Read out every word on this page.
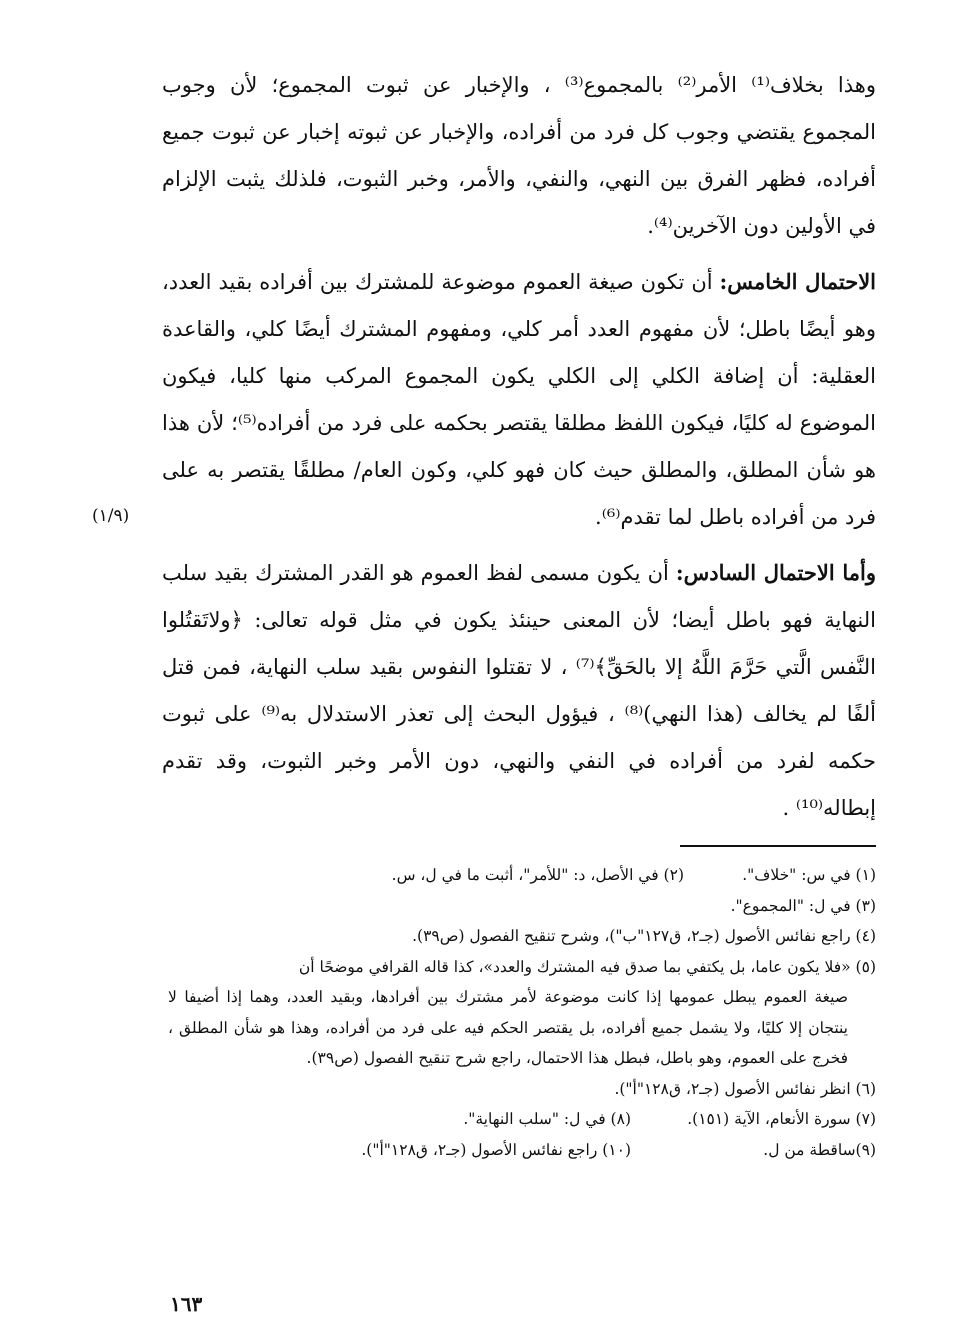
وهذا بخلاف⁽¹⁾ الأمر⁽²⁾ بالمجموع⁽³⁾ ، والإخبار عن ثبوت المجموع؛ لأن وجوب المجموع يقتضي وجوب كل فرد من أفراده، والإخبار عن ثبوته إخبار عن ثبوت جميع أفراده، فظهر الفرق بين النهي، والنفي، والأمر، وخبر الثبوت، فلذلك يثبت الإلزام في الأولين دون الآخرين⁽⁴⁾.

الاحتمال الخامس: أن تكون صيغة العموم موضوعة للمشترك بين أفراده بقيد العدد، وهو أيضًا باطل؛ لأن مفهوم العدد أمر كلي، ومفهوم المشترك أيضًا كلي، والقاعدة العقلية: أن إضافة الكلي إلى الكلي يكون المجموع المركب منها كليا، فيكون الموضوع له كليًا، فيكون اللفظ مطلقا يقتصر بحكمه على فرد من أفراده⁽⁵⁾؛ لأن هذا هو شأن المطلق، والمطلق حيث كان فهو كلي، وكون العام/ مطلقًا يقتصر به على فرد من أفراده باطل لما تقدم⁽⁶⁾.

وأما الاحتمال السادس: أن يكون مسمى لفظ العموم هو القدر المشترك بقيد سلب النهاية فهو باطل أيضا؛ لأن المعنى حينئذ يكون في مثل قوله تعالى: ﴿ولاتَقتُلوا النَّفس الَّتي حَرَّمَ اللَّهُ إلا بالحَقِّ﴾⁽⁷⁾ ، لا تقتلوا النفوس بقيد سلب النهاية، فمن قتل ألفًا لم يخالف (هذا النهي)⁽⁸⁾ ، فيؤول البحث إلى تعذر الاستدلال به⁽⁹⁾ على ثبوت حكمه لفرد من أفراده في النفي والنهي، دون الأمر وخبر الثبوت، وقد تقدم إبطاله⁽¹⁰⁾ .

(١/٩)
(١) في س: "خلاف".
(٢) في الأصل، د: "للأمر"، أثبت ما في ل، س.
(٣) في ل: "المجموع".
(٤) راجع نفائس الأصول (جـ٢، ق١٢٧"ب")، وشرح تنقيح الفصول (ص٣٩).
(٥) «فلا يكون عاما، بل يكتفي بما صدق فيه المشترك والعدد»، كذا قاله القرافي موضحًا أن
صيغة العموم يبطل عمومها إذا كانت موضوعة لأمر مشترك بين أفرادها، وبقيد العدد، وهما إذا أضيفا لا ينتجان إلا كليًا، ولا يشمل جميع أفراده، بل يقتصر الحكم فيه على فرد من أفراده، وهذا هو شأن المطلق ، فخرج على العموم، وهو باطل، فبطل هذا الاحتمال، راجع شرح تنقيح الفصول (ص٣٩).
(٦) انظر نفائس الأصول (جـ٢، ق١٢٨"أ").
(٧) سورة الأنعام، الآية (١٥١).
(٨) في ل: "سلب النهاية".
(٩)ساقطة من ل.
(١٠) راجع نفائس الأصول (جـ٢، ق١٢٨"أ").
١٦٣
